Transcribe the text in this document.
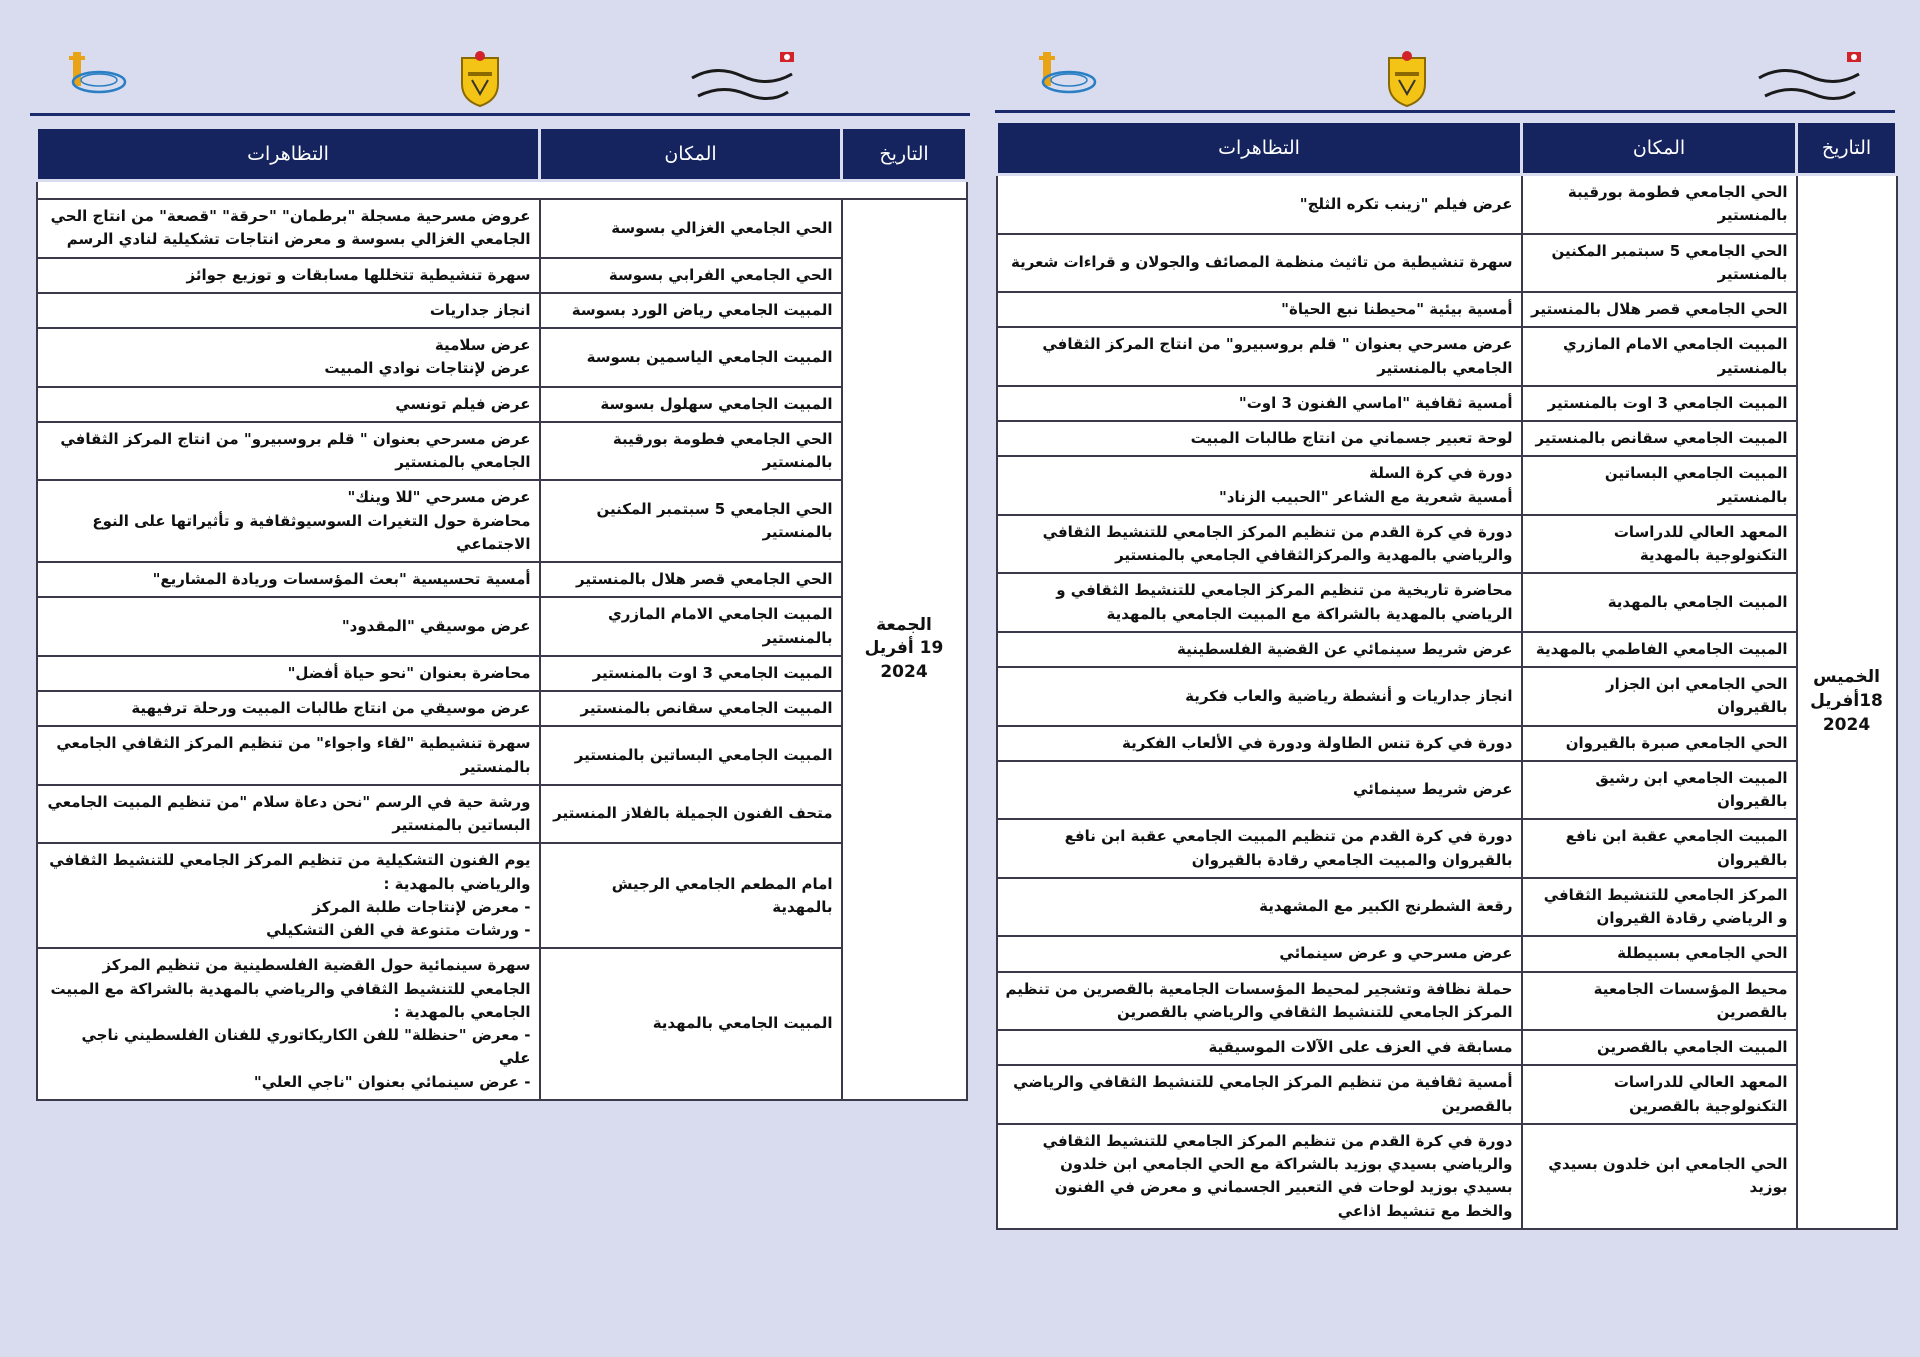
التاريخ	المكان	التظاهرات

الجمعة
19 أفريل
2024	الحي الجامعي الغزالي بسوسة	عروض مسرحية مسجلة "برطمان" "حرقة" "قصعة" من انتاج الحي الجامعي الغزالي بسوسة و معرض انتاجات تشكيلية لنادي الرسم

	الحي الجامعي الفرابي بسوسة	سهرة تنشيطية تتخللها مسابقات و توزيع جوائز

	المبيت الجامعي رياض الورد بسوسة	انجاز جداريات

	المبيت الجامعي الياسمين بسوسة	عرض سلامية
عرض لإنتاجات نوادي المبيت

	المبيت الجامعي سهلول بسوسة	عرض فيلم تونسي

	الحي الجامعي فطومة بورقيبة بالمنستير	عرض مسرحي بعنوان " قلم بروسبيرو" من انتاج المركز الثقافي الجامعي بالمنستير

	الحي الجامعي 5 سبتمبر المكنين بالمنستير	عرض مسرحي "للا وينك"
محاضرة حول التغيرات السوسيوثقافية و تأثيراتها على النوع الاجتماعي

	الحي الجامعي قصر هلال بالمنستير	أمسية تحسيسية "بعث المؤسسات وريادة المشاريع"

	المبيت الجامعي الامام المازري بالمنستير	عرض موسيقي "المقدود"

	المبيت الجامعي 3 اوت بالمنستير	محاضرة بعنوان "نحو حياة أفضل"

	المبيت الجامعي سقانص بالمنستير	عرض موسيقي من انتاج طالبات المبيت ورحلة ترفيهية

	المبيت الجامعي البساتين بالمنستير	سهرة تنشيطية "لقاء واجواء" من تنظيم المركز الثقافي الجامعي بالمنستير

	متحف الفنون الجميلة بالفلاز المنستير	ورشة حية في الرسم "نحن دعاة سلام "من تنظيم المبيت الجامعي البساتين بالمنستير

	امام المطعم الجامعي الرجيش بالمهدية	يوم الفنون التشكيلية من تنظيم المركز الجامعي للتنشيط الثقافي والرياضي بالمهدية :
- معرض لإنتاجات طلبة المركز
- ورشات متنوعة في الفن التشكيلي

	المبيت الجامعي بالمهدية	سهرة سينمائية حول القضية الفلسطينية من تنظيم المركز الجامعي للتنشيط الثقافي والرياضي بالمهدية بالشراكة مع المبيت الجامعي بالمهدية :
- معرض "حنظلة" للفن الكاريكاتوري للفنان الفلسطيني ناجي علي
- عرض سينمائي بعنوان "ناجي العلي"
التاريخ	المكان	التظاهرات

الخميس
18أفريل
2024	الحي الجامعي فطومة بورقيبة بالمنستير	عرض فيلم "زينب تكره الثلج"

	الحي الجامعي 5 سبتمبر المكنين بالمنستير	سهرة تنشيطية من تاثيث منظمة المصائف والجولان و قراءات شعرية

	الحي الجامعي قصر هلال بالمنستير	أمسية بيئية "محيطنا نبع الحياة"

	المبيت الجامعي الامام المازري بالمنستير	عرض مسرحي بعنوان " قلم بروسبيرو" من انتاج المركز الثقافي الجامعي بالمنستير

	المبيت الجامعي 3 اوت بالمنستير	أمسية ثقافية "اماسي الفنون 3 اوت"

	المبيت الجامعي سقانص بالمنستير	لوحة تعبير جسماني من انتاج طالبات المبيت

	المبيت الجامعي البساتين بالمنستير	دورة في كرة السلة
أمسية شعرية مع الشاعر "الحبيب الزناد"

	المعهد العالي للدراسات التكنولوجية بالمهدية	دورة في كرة القدم من تنظيم المركز الجامعي للتنشيط الثقافي والرياضي بالمهدية والمركزالثقافي الجامعي بالمنستير

	المبيت الجامعي بالمهدية	محاضرة تاريخية من تنظيم المركز الجامعي للتنشيط الثقافي و الرياضي بالمهدية بالشراكة مع المبيت الجامعي بالمهدية

	المبيت الجامعي الفاطمي بالمهدية	عرض شريط سينمائي عن القضية الفلسطينية

	الحي الجامعي ابن الجزار بالقيروان	انجاز جداريات و أنشطة رياضية والعاب فكرية

	الحي الجامعي صبرة بالقيروان	دورة في كرة تنس الطاولة ودورة في الألعاب الفكرية

	المبيت الجامعي ابن رشيق بالقيروان	عرض شريط سينمائي

	المبيت الجامعي عقبة ابن نافع بالقيروان	دورة في كرة القدم من تنظيم المبيت الجامعي عقبة ابن نافع بالقيروان والمبيت الجامعي رقادة بالقيروان

	المركز الجامعي للتنشيط الثقافي و الرياضي رقادة القيروان	رقعة الشطرنج الكبير مع المشهدية

	الحي الجامعي بسبيطلة	عرض مسرحي و عرض سينمائي

	محيط المؤسسات الجامعية بالقصرين	حملة نظافة وتشجير لمحيط المؤسسات الجامعية بالقصرين من تنظيم المركز الجامعي للتنشيط الثقافي والرياضي بالقصرين

	المبيت الجامعي بالقصرين	مسابقة في العزف على الآلات الموسيقية

	المعهد العالي للدراسات التكنولوجية بالقصرين	أمسية ثقافية من تنظيم المركز الجامعي للتنشيط الثقافي والرياضي بالقصرين

	الحي الجامعي ابن خلدون بسيدي بوزيد	دورة في كرة القدم من تنظيم المركز الجامعي للتنشيط الثقافي والرياضي بسيدي بوزيد بالشراكة مع الحي الجامعي ابن خلدون بسيدي بوزيد لوحات في التعبير الجسماني و معرض في الفنون والخط مع تنشيط اذاعي
